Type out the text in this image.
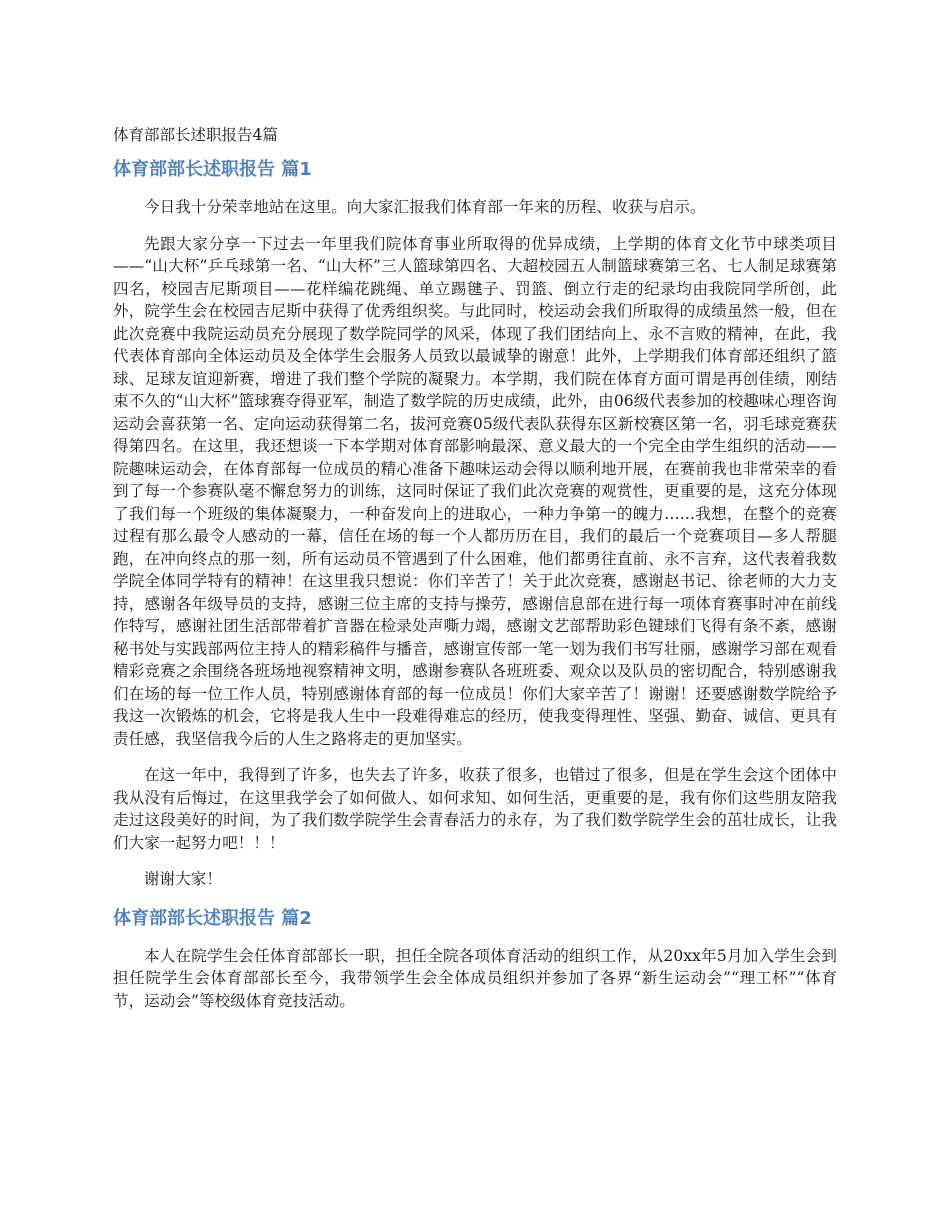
体育部部长述职报告4篇
体育部部长述职报告 篇1

今日我十分荣幸地站在这里。向大家汇报我们体育部一年来的历程、收获与启示。

先跟大家分享一下过去一年里我们院体育事业所取得的优异成绩，上学期的体育文化节中球类项目——“山大杯”乒乓球第一名、“山大杯”三人篮球第四名、大超校园五人制篮球赛第三名、七人制足球赛第四名，校园吉尼斯项目——花样编花跳绳、单立踢毽子、罚篮、倒立行走的纪录均由我院同学所创，此外，院学生会在校园吉尼斯中获得了优秀组织奖。与此同时，校运动会我们所取得的成绩虽然一般，但在此次竞赛中我院运动员充分展现了数学院同学的风采，体现了我们团结向上、永不言败的精神，在此，我代表体育部向全体运动员及全体学生会服务人员致以最诚挚的谢意！此外，上学期我们体育部还组织了篮球、足球友谊迎新赛，增进了我们整个学院的凝聚力。本学期，我们院在体育方面可谓是再创佳绩，刚结束不久的“山大杯”篮球赛夺得亚军，制造了数学院的历史成绩，此外，由06级代表参加的校趣味心理咨询运动会喜获第一名、定向运动获得第二名，拔河竞赛05级代表队获得东区新校赛区第一名，羽毛球竞赛获得第四名。在这里，我还想谈一下本学期对体育部影响最深、意义最大的一个完全由学生组织的活动——院趣味运动会，在体育部每一位成员的精心准备下趣味运动会得以顺利地开展，在赛前我也非常荣幸的看到了每一个参赛队毫不懈怠努力的训练，这同时保证了我们此次竞赛的观赏性，更重要的是，这充分体现了我们每一个班级的集体凝聚力，一种奋发向上的进取心，一种力争第一的魄力……我想，在整个的竞赛过程有那么最令人感动的一幕，信任在场的每一个人都历历在目，我们的最后一个竞赛项目—多人帮腿跑，在冲向终点的那一刻，所有运动员不管遇到了什么困难，他们都勇往直前、永不言弃，这代表着我数学院全体同学特有的精神！在这里我只想说：你们辛苦了！关于此次竞赛，感谢赵书记、徐老师的大力支持，感谢各年级导员的支持，感谢三位主席的支持与操劳，感谢信息部在进行每一项体育赛事时冲在前线作特写，感谢社团生活部带着扩音器在检录处声嘶力竭，感谢文艺部帮助彩色键球们飞得有条不紊，感谢秘书处与实践部两位主持人的精彩稿件与播音，感谢宣传部一笔一划为我们书写壮丽，感谢学习部在观看精彩竞赛之余围绕各班场地视察精神文明，感谢参赛队各班班委、观众以及队员的密切配合，特别感谢我们在场的每一位工作人员，特别感谢体育部的每一位成员！你们大家辛苦了！谢谢！还要感谢数学院给予我这一次锻炼的机会，它将是我人生中一段难得难忘的经历，使我变得理性、坚强、勤奋、诚信、更具有责任感，我坚信我今后的人生之路将走的更加坚实。

在这一年中，我得到了许多，也失去了许多，收获了很多，也错过了很多，但是在学生会这个团体中我从没有后悔过，在这里我学会了如何做人、如何求知、如何生活，更重要的是，我有你们这些朋友陪我走过这段美好的时间，为了我们数学院学生会青春活力的永存，为了我们数学院学生会的茁壮成长，让我们大家一起努力吧！！！

谢谢大家！

体育部部长述职报告 篇2

本人在院学生会任体育部部长一职，担任全院各项体育活动的组织工作，从20xx年5月加入学生会到担任院学生会体育部部长至今，我带领学生会全体成员组织并参加了各界“新生运动会”“理工杯”“体育节，运动会”等校级体育竞技活动。
